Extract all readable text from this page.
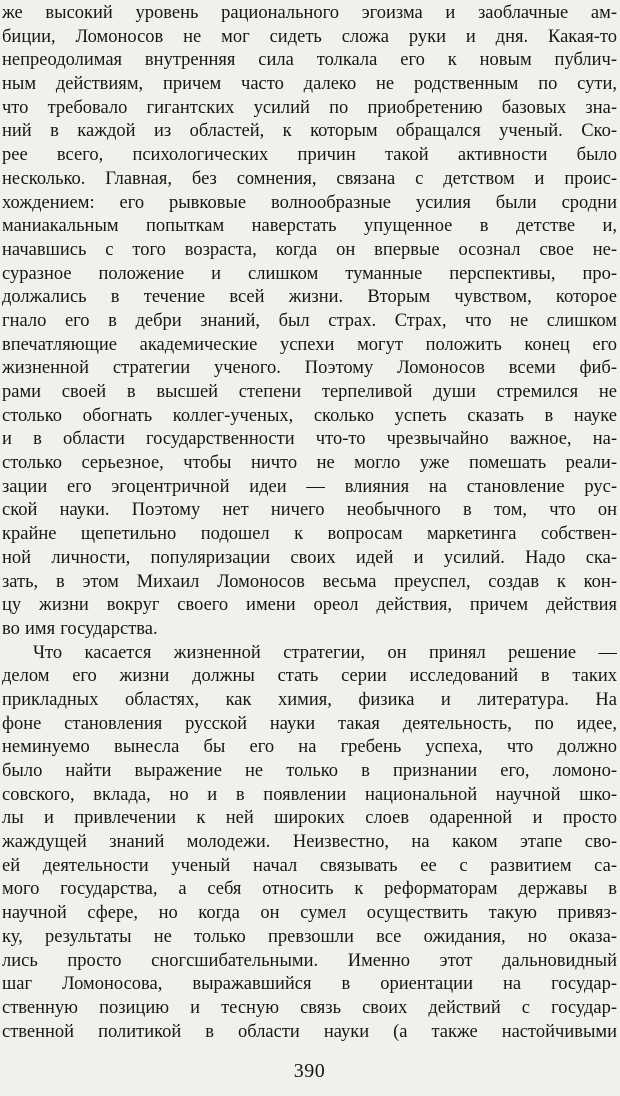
же высокий уровень рационального эгоизма и заоблачные ам-
биции, Ломоносов не мог сидеть сложа руки и дня. Какая-то
непреодолимая внутренняя сила толкала его к новым публич-
ным действиям, причем часто далеко не родственным по сути,
что требовало гигантских усилий по приобретению базовых зна-
ний в каждой из областей, к которым обращался ученый. Ско-
рее всего, психологических причин такой активности было
несколько. Главная, без сомнения, связана с детством и проис-
хождением: его рывковые волнообразные усилия были сродни
маниакальным попыткам наверстать упущенное в детстве и,
начавшись с того возраста, когда он впервые осознал свое не-
суразное положение и слишком туманные перспективы, про-
должались в течение всей жизни. Вторым чувством, которое
гнало его в дебри знаний, был страх. Страх, что не слишком
впечатляющие академические успехи могут положить конец его
жизненной стратегии ученого. Поэтому Ломоносов всеми фиб-
рами своей в высшей степени терпеливой души стремился не
столько обогнать коллег-ученых, сколько успеть сказать в науке
и в области государственности что-то чрезвычайно важное, на-
столько серьезное, чтобы ничто не могло уже помешать реали-
зации его эгоцентричной идеи — влияния на становление рус-
ской науки. Поэтому нет ничего необычного в том, что он
крайне щепетильно подошел к вопросам маркетинга собствен-
ной личности, популяризации своих идей и усилий. Надо ска-
зать, в этом Михаил Ломоносов весьма преуспел, создав к кон-
цу жизни вокруг своего имени ореол действия, причем действия
во имя государства.
Что касается жизненной стратегии, он принял решение —
делом его жизни должны стать серии исследований в таких
прикладных областях, как химия, физика и литература. На
фоне становления русской науки такая деятельность, по идее,
неминуемо вынесла бы его на гребень успеха, что должно
было найти выражение не только в признании его, ломоно-
совского, вклада, но и в появлении национальной научной шко-
лы и привлечении к ней широких слоев одаренной и просто
жаждущей знаний молодежи. Неизвестно, на каком этапе сво-
ей деятельности ученый начал связывать ее с развитием са-
мого государства, а себя относить к реформаторам державы в
научной сфере, но когда он сумел осуществить такую привяз-
ку, результаты не только превзошли все ожидания, но оказа-
лись просто сногсшибательными. Именно этот дальновидный
шаг Ломоносова, выражавшийся в ориентации на государ-
ственную позицию и тесную связь своих действий с государ-
ственной политикой в области науки (а также настойчивыми
390
